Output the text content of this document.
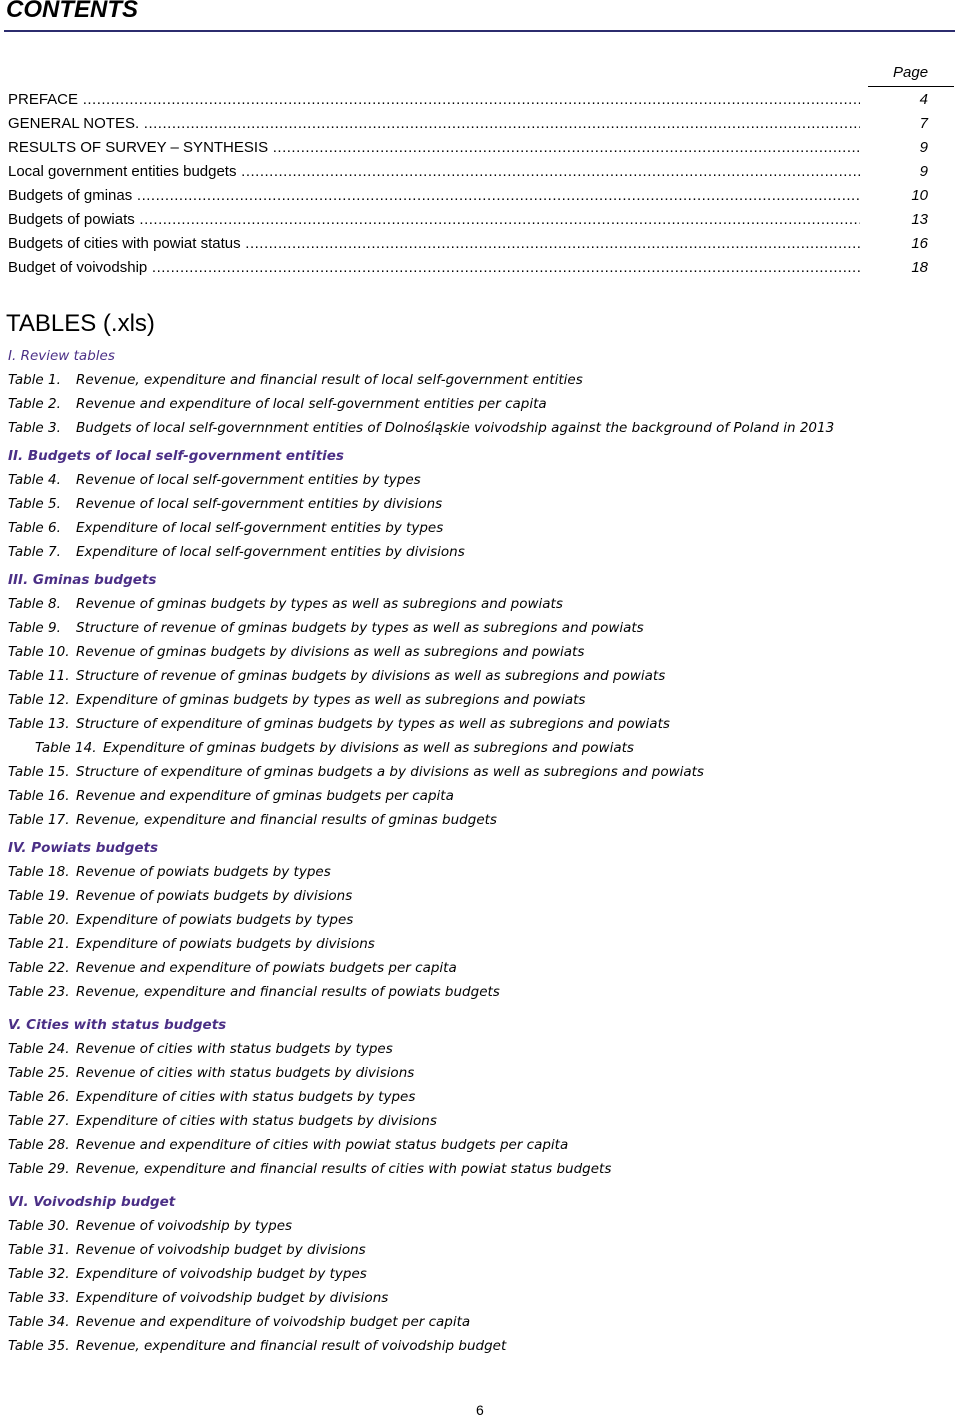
CONTENTS
Page
PREFACE .....	4
GENERAL NOTES. .....	7
RESULTS OF SURVEY – SYNTHESIS .....	9
Local government entities budgets .....	9
Budgets of gminas .....	10
Budgets of powiats .....	13
Budgets of cities with powiat status .....	16
Budget of voivodship .....	18
TABLES (.xls)
I. Review tables
Table 1. Revenue, expenditure and financial result of local self-government entities
Table 2. Revenue and expenditure of local self-government entities per capita
Table 3. Budgets of local self-governnment entities of Dolnośląskie voivodship against the background of Poland in 2013
II. Budgets of local self-government entities
Table 4. Revenue of local self-government entities by types
Table 5. Revenue of local self-government entities by divisions
Table 6. Expenditure of local self-government entities by types
Table 7. Expenditure of local self-government entities by divisions
III. Gminas budgets
Table 8. Revenue of gminas budgets by types as well as subregions and powiats
Table 9. Structure of revenue of gminas budgets by types as well as subregions and powiats
Table 10. Revenue of gminas budgets by divisions as well as subregions and powiats
Table 11. Structure of revenue of gminas budgets by divisions as well as subregions and powiats
Table 12. Expenditure of gminas budgets by types as well as subregions and powiats
Table 13. Structure of expenditure of gminas budgets by types as well as subregions and powiats
Table 14. Expenditure of gminas budgets by divisions as well as subregions and powiats
Table 15. Structure of expenditure of gminas budgets a by divisions as well as subregions and powiats
Table 16. Revenue and expenditure of gminas budgets per capita
Table 17. Revenue, expenditure and financial results of gminas budgets
IV. Powiats budgets
Table 18. Revenue of powiats budgets by types
Table 19. Revenue of powiats budgets by divisions
Table 20. Expenditure of powiats budgets by types
Table 21. Expenditure of powiats budgets by divisions
Table 22. Revenue and expenditure of powiats budgets per capita
Table 23. Revenue, expenditure and financial results of powiats budgets
V. Cities with status budgets
Table 24. Revenue of cities with status budgets by types
Table 25. Revenue of cities with status budgets by divisions
Table 26. Expenditure of cities with status budgets by types
Table 27. Expenditure of cities with status budgets by divisions
Table 28. Revenue and expenditure of cities with powiat status budgets per capita
Table 29. Revenue, expenditure and financial results of cities with powiat status budgets
VI. Voivodship budget
Table 30. Revenue of voivodship by types
Table 31. Revenue of voivodship budget by divisions
Table 32. Expenditure of voivodship budget by types
Table 33. Expenditure of voivodship budget by divisions
Table 34. Revenue and expenditure of voivodship budget per capita
Table 35. Revenue, expenditure and financial result of voivodship budget
6
